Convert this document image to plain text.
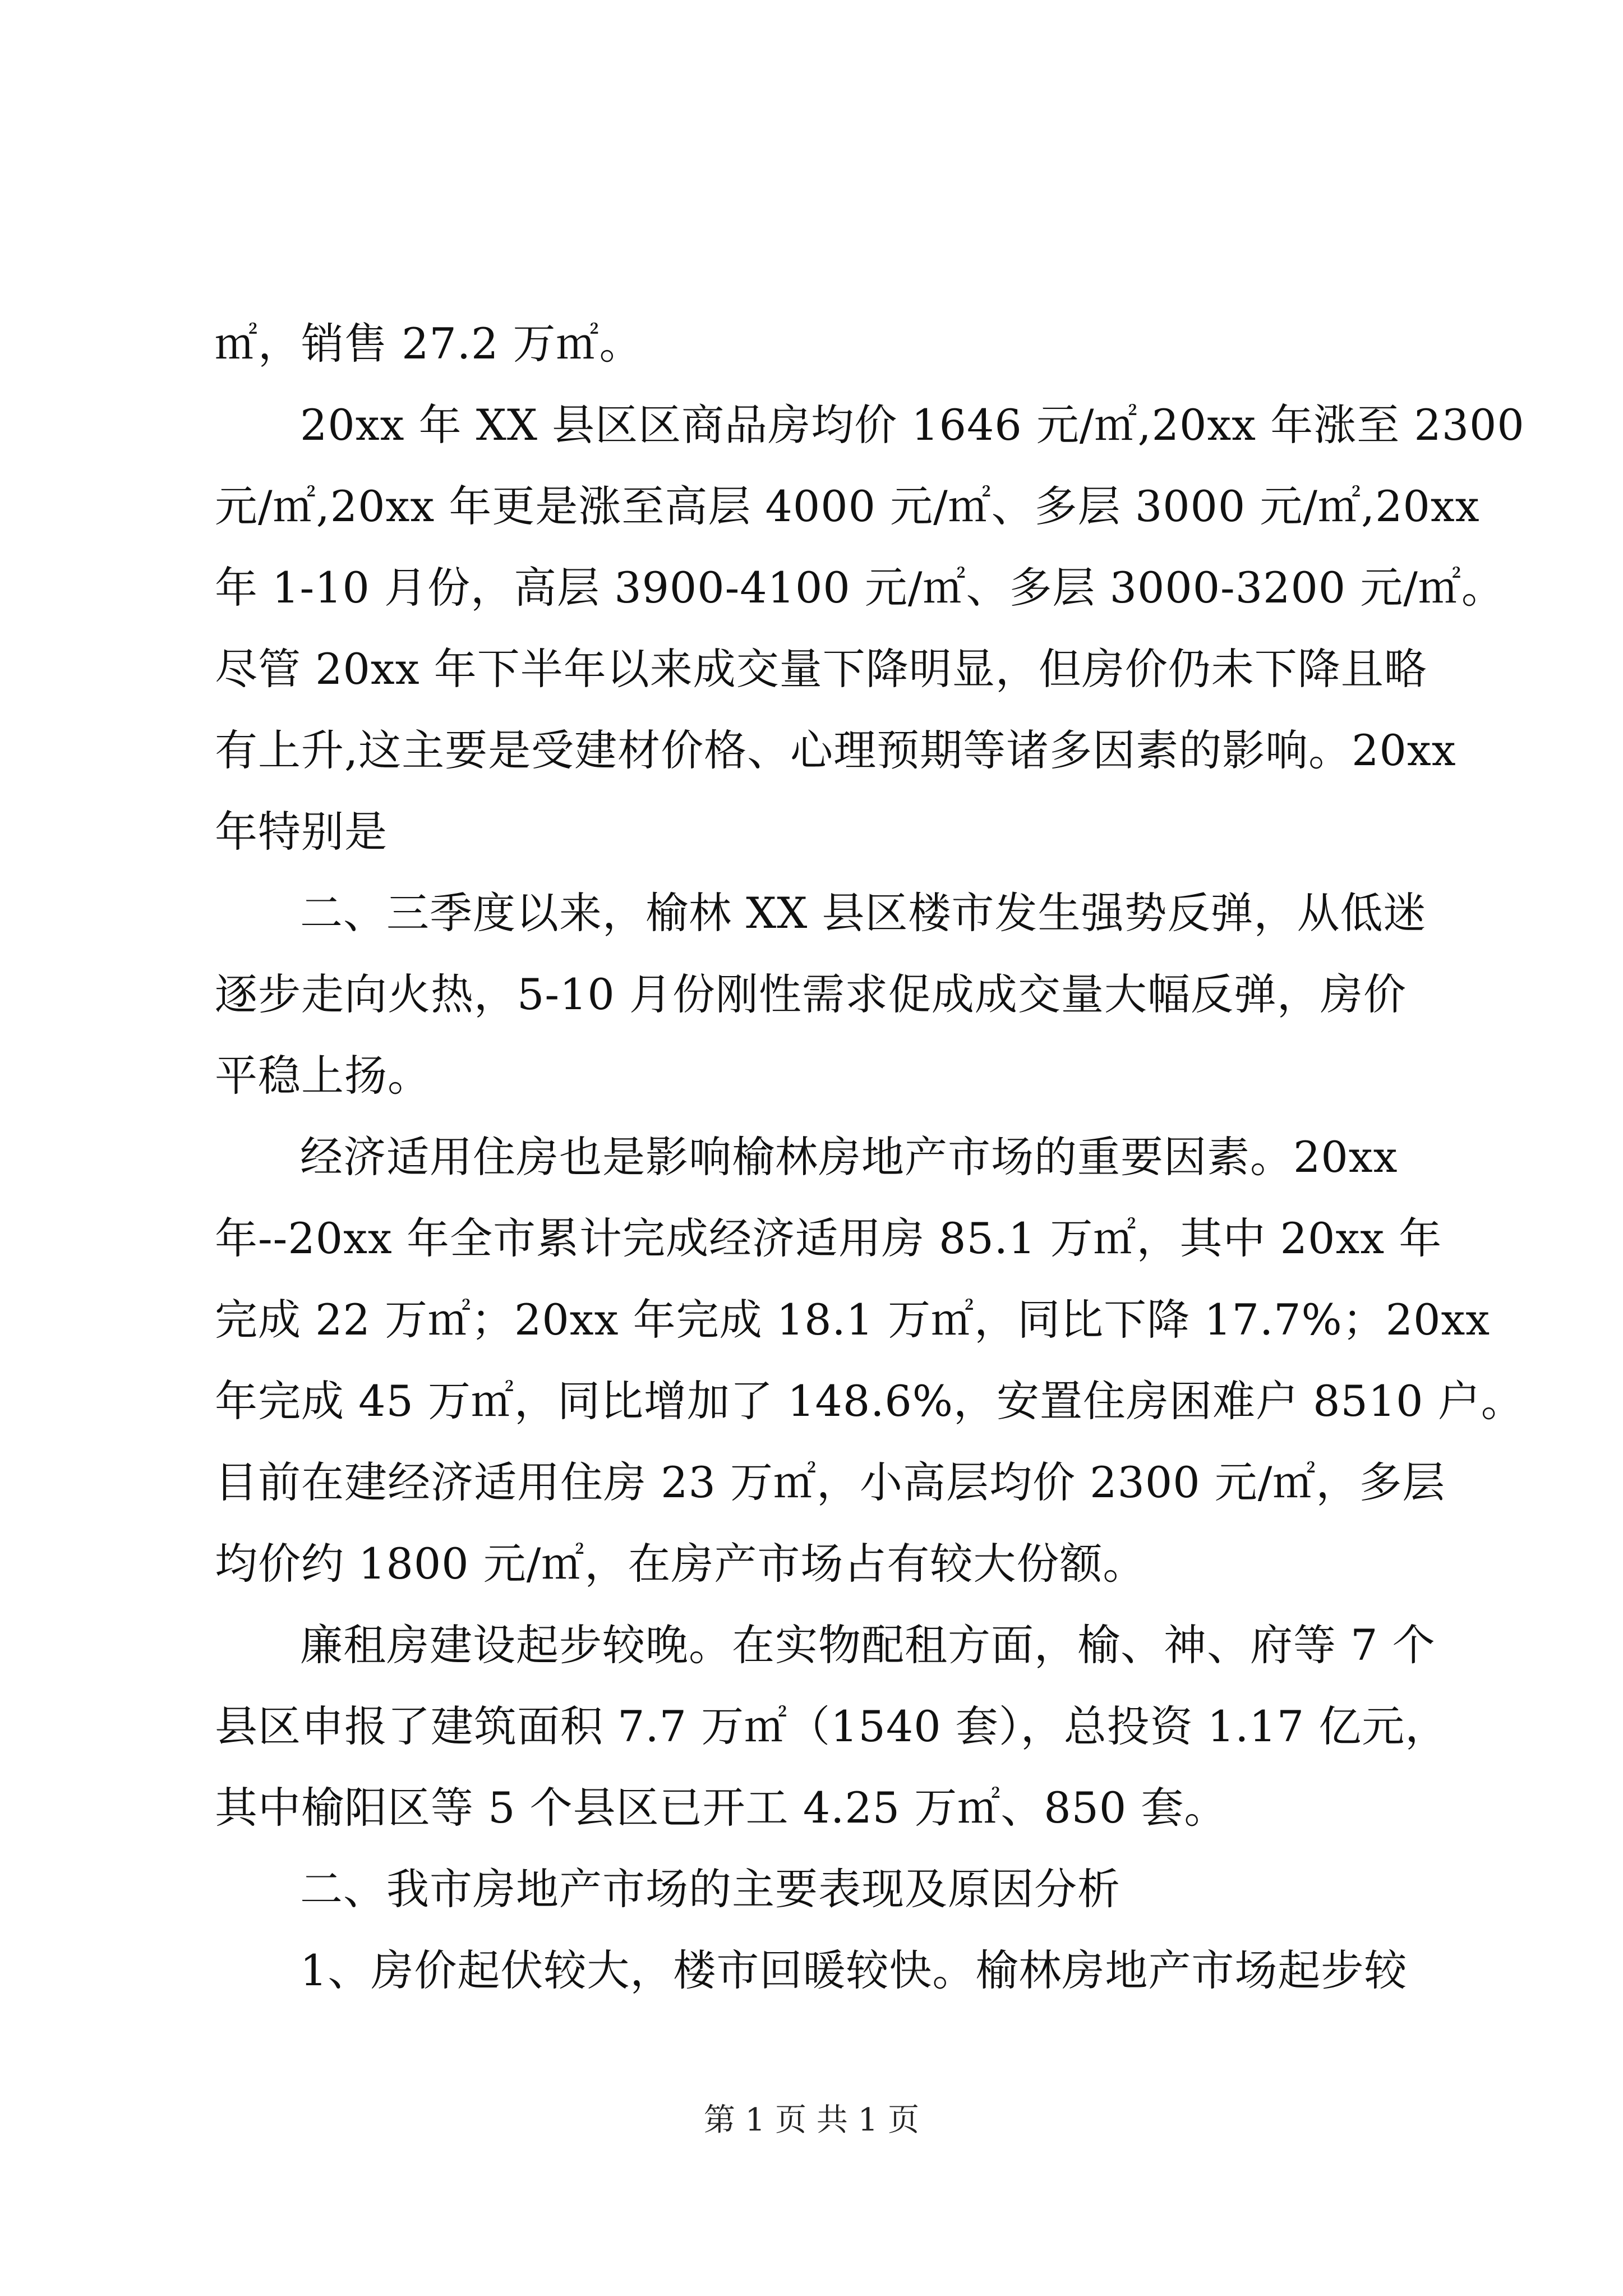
㎡，销售 27.2 万㎡。
20xx 年 XX 县区区商品房均价 1646 元/㎡,20xx 年涨至 2300
元/㎡,20xx 年更是涨至高层 4000 元/㎡、多层 3000 元/㎡,20xx
年 1-10 月份，高层 3900-4100 元/㎡、多层 3000-3200 元/㎡。
尽管 20xx 年下半年以来成交量下降明显，但房价仍未下降且略
有上升,这主要是受建材价格、心理预期等诸多因素的影响。20xx
年特别是
二、三季度以来，榆林 XX 县区楼市发生强势反弹，从低迷
逐步走向火热，5-10 月份刚性需求促成成交量大幅反弹，房价
平稳上扬。
经济适用住房也是影响榆林房地产市场的重要因素。20xx
年--20xx 年全市累计完成经济适用房 85.1 万㎡，其中 20xx 年
完成 22 万㎡；20xx 年完成 18.1 万㎡，同比下降 17.7%；20xx
年完成 45 万㎡，同比增加了 148.6%，安置住房困难户 8510 户。
目前在建经济适用住房 23 万㎡，小高层均价 2300 元/㎡，多层
均价约 1800 元/㎡，在房产市场占有较大份额。
廉租房建设起步较晚。在实物配租方面，榆、神、府等 7 个
县区申报了建筑面积 7.7 万㎡（1540 套），总投资 1.17 亿元，
其中榆阳区等 5 个县区已开工 4.25 万㎡、850 套。
二、我市房地产市场的主要表现及原因分析
1、房价起伏较大，楼市回暖较快。榆林房地产市场起步较
第 1 页 共 1 页
